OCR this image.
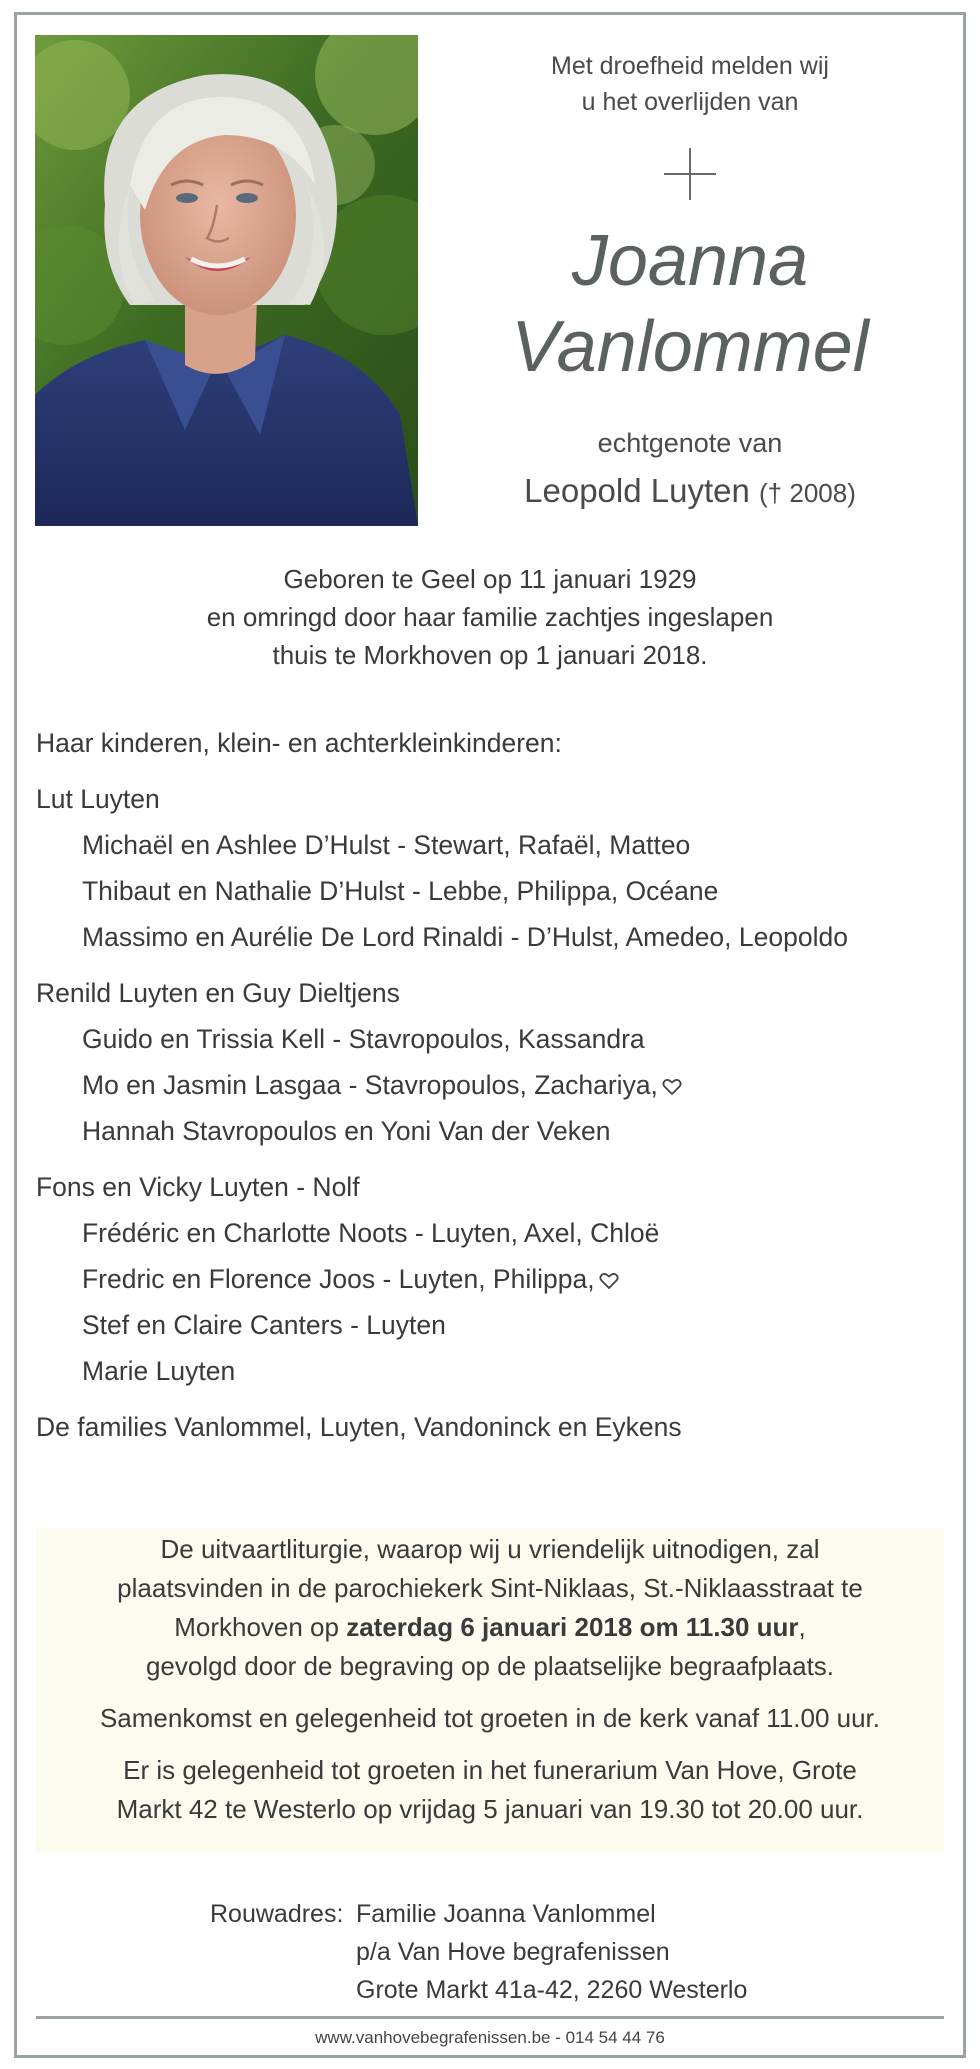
Met droefheid melden wij
u het overlijden van
Joanna
Vanlommel
echtgenote van
Leopold Luyten († 2008)
Geboren te Geel op 11 januari 1929
en omringd door haar familie zachtjes ingeslapen
thuis te Morkhoven op 1 januari 2018.
Haar kinderen, klein- en achterkleinkinderen:
Lut Luyten
Michaël en Ashlee D’Hulst - Stewart, Rafaël, Matteo
Thibaut en Nathalie D’Hulst - Lebbe, Philippa, Océane
Massimo en Aurélie De Lord Rinaldi - D’Hulst, Amedeo, Leopoldo
Renild Luyten en Guy Dieltjens
Guido en Trissia Kell - Stavropoulos, Kassandra
Mo en Jasmin Lasgaa - Stavropoulos, Zachariya,
Hannah Stavropoulos en Yoni Van der Veken
Fons en Vicky Luyten - Nolf
Frédéric en Charlotte Noots - Luyten, Axel, Chloë
Fredric en Florence Joos - Luyten, Philippa,
Stef en Claire Canters - Luyten
Marie Luyten
De families Vanlommel, Luyten, Vandoninck en Eykens

De uitvaartliturgie, waarop wij u vriendelijk uitnodigen, zal
plaatsvinden in de parochiekerk Sint-Niklaas, St.-Niklaasstraat te
Morkhoven op zaterdag 6 januari 2018 om 11.30 uur,
gevolgd door de begraving op de plaatselijke begraafplaats.

Samenkomst en gelegenheid tot groeten in de kerk vanaf 11.00 uur.

Er is gelegenheid tot groeten in het funerarium Van Hove, Grote
Markt 42 te Westerlo op vrijdag 5 januari van 19.30 tot 20.00 uur.

Rouwadres: Familie Joanna Vanlommel
p/a Van Hove begrafenissen
Grote Markt 41a-42, 2260 Westerlo
www.vanhovebegrafenissen.be - 014 54 44 76
